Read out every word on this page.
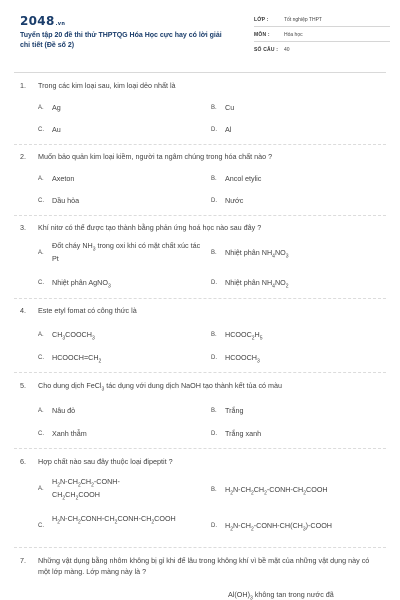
2048.vn
Tuyển tập 20 đề thi thử THPTQG Hóa Học cực hay có lời giải chi tiết (Đề số 2)
LỚP :	Tốt nghiệp THPT
MÔN :	Hóa học
SỐ CÂU : 40
1. Trong các kim loại sau, kim loại dẻo nhất là
A. Ag	B. Cu
C. Au	D. Al
2. Muốn bảo quản kim loại kiềm, người ta ngâm chúng trong hóa chất nào ?
A. Axeton	B. Ancol etylic
C. Dầu hỏa	D. Nước
3. Khí nitơ có thể được tạo thành bằng phản ứng hoá học nào sau đây ?
A.
Đốt cháy $NH_3$ trong oxi khi có mặt chất xúc tác Pt
B. Nhiệt phân $NH_4NO_3$
C. Nhiệt phân AgNO$_3$
D. Nhiệt phân $NH_4NO_2$
4. Este etyl fomat có công thức là
A. $CH_3COOCH_3$
B. $HCOOC_2H_5$
C. $HCOOCH=CH_2$
D. $HCOOCH_3$
5. Cho dung dịch FeCl$_3$ tác dụng với dung dịch NaOH tạo thành kết tủa có màu
A. Nâu đỏ	B. Trắng
C. Xanh thẫm	D. Trắng xanh
6. Hợp chất nào sau đây thuộc loại đipeptit ?
A.
$H_2N-CH_2CH_2-CONH-CH_2CH_2COOH$
B. $H_2N-CH_2CH_2-CONH-CH_2COOH$
C.
$H_2N-CH_2CONH-CH_2CONH-CH_2COOH$
D. $H_2N-CH_2-CONH-CH(CH_3)$-COOH
7.	Những vật dụng bằng nhôm không bị gỉ khi để lâu trong không khí vì bề mặt của những vật dụng này có một lớp màng. Lớp màng này là ?
$Al(OH)_3$ không tan trong nước đã
